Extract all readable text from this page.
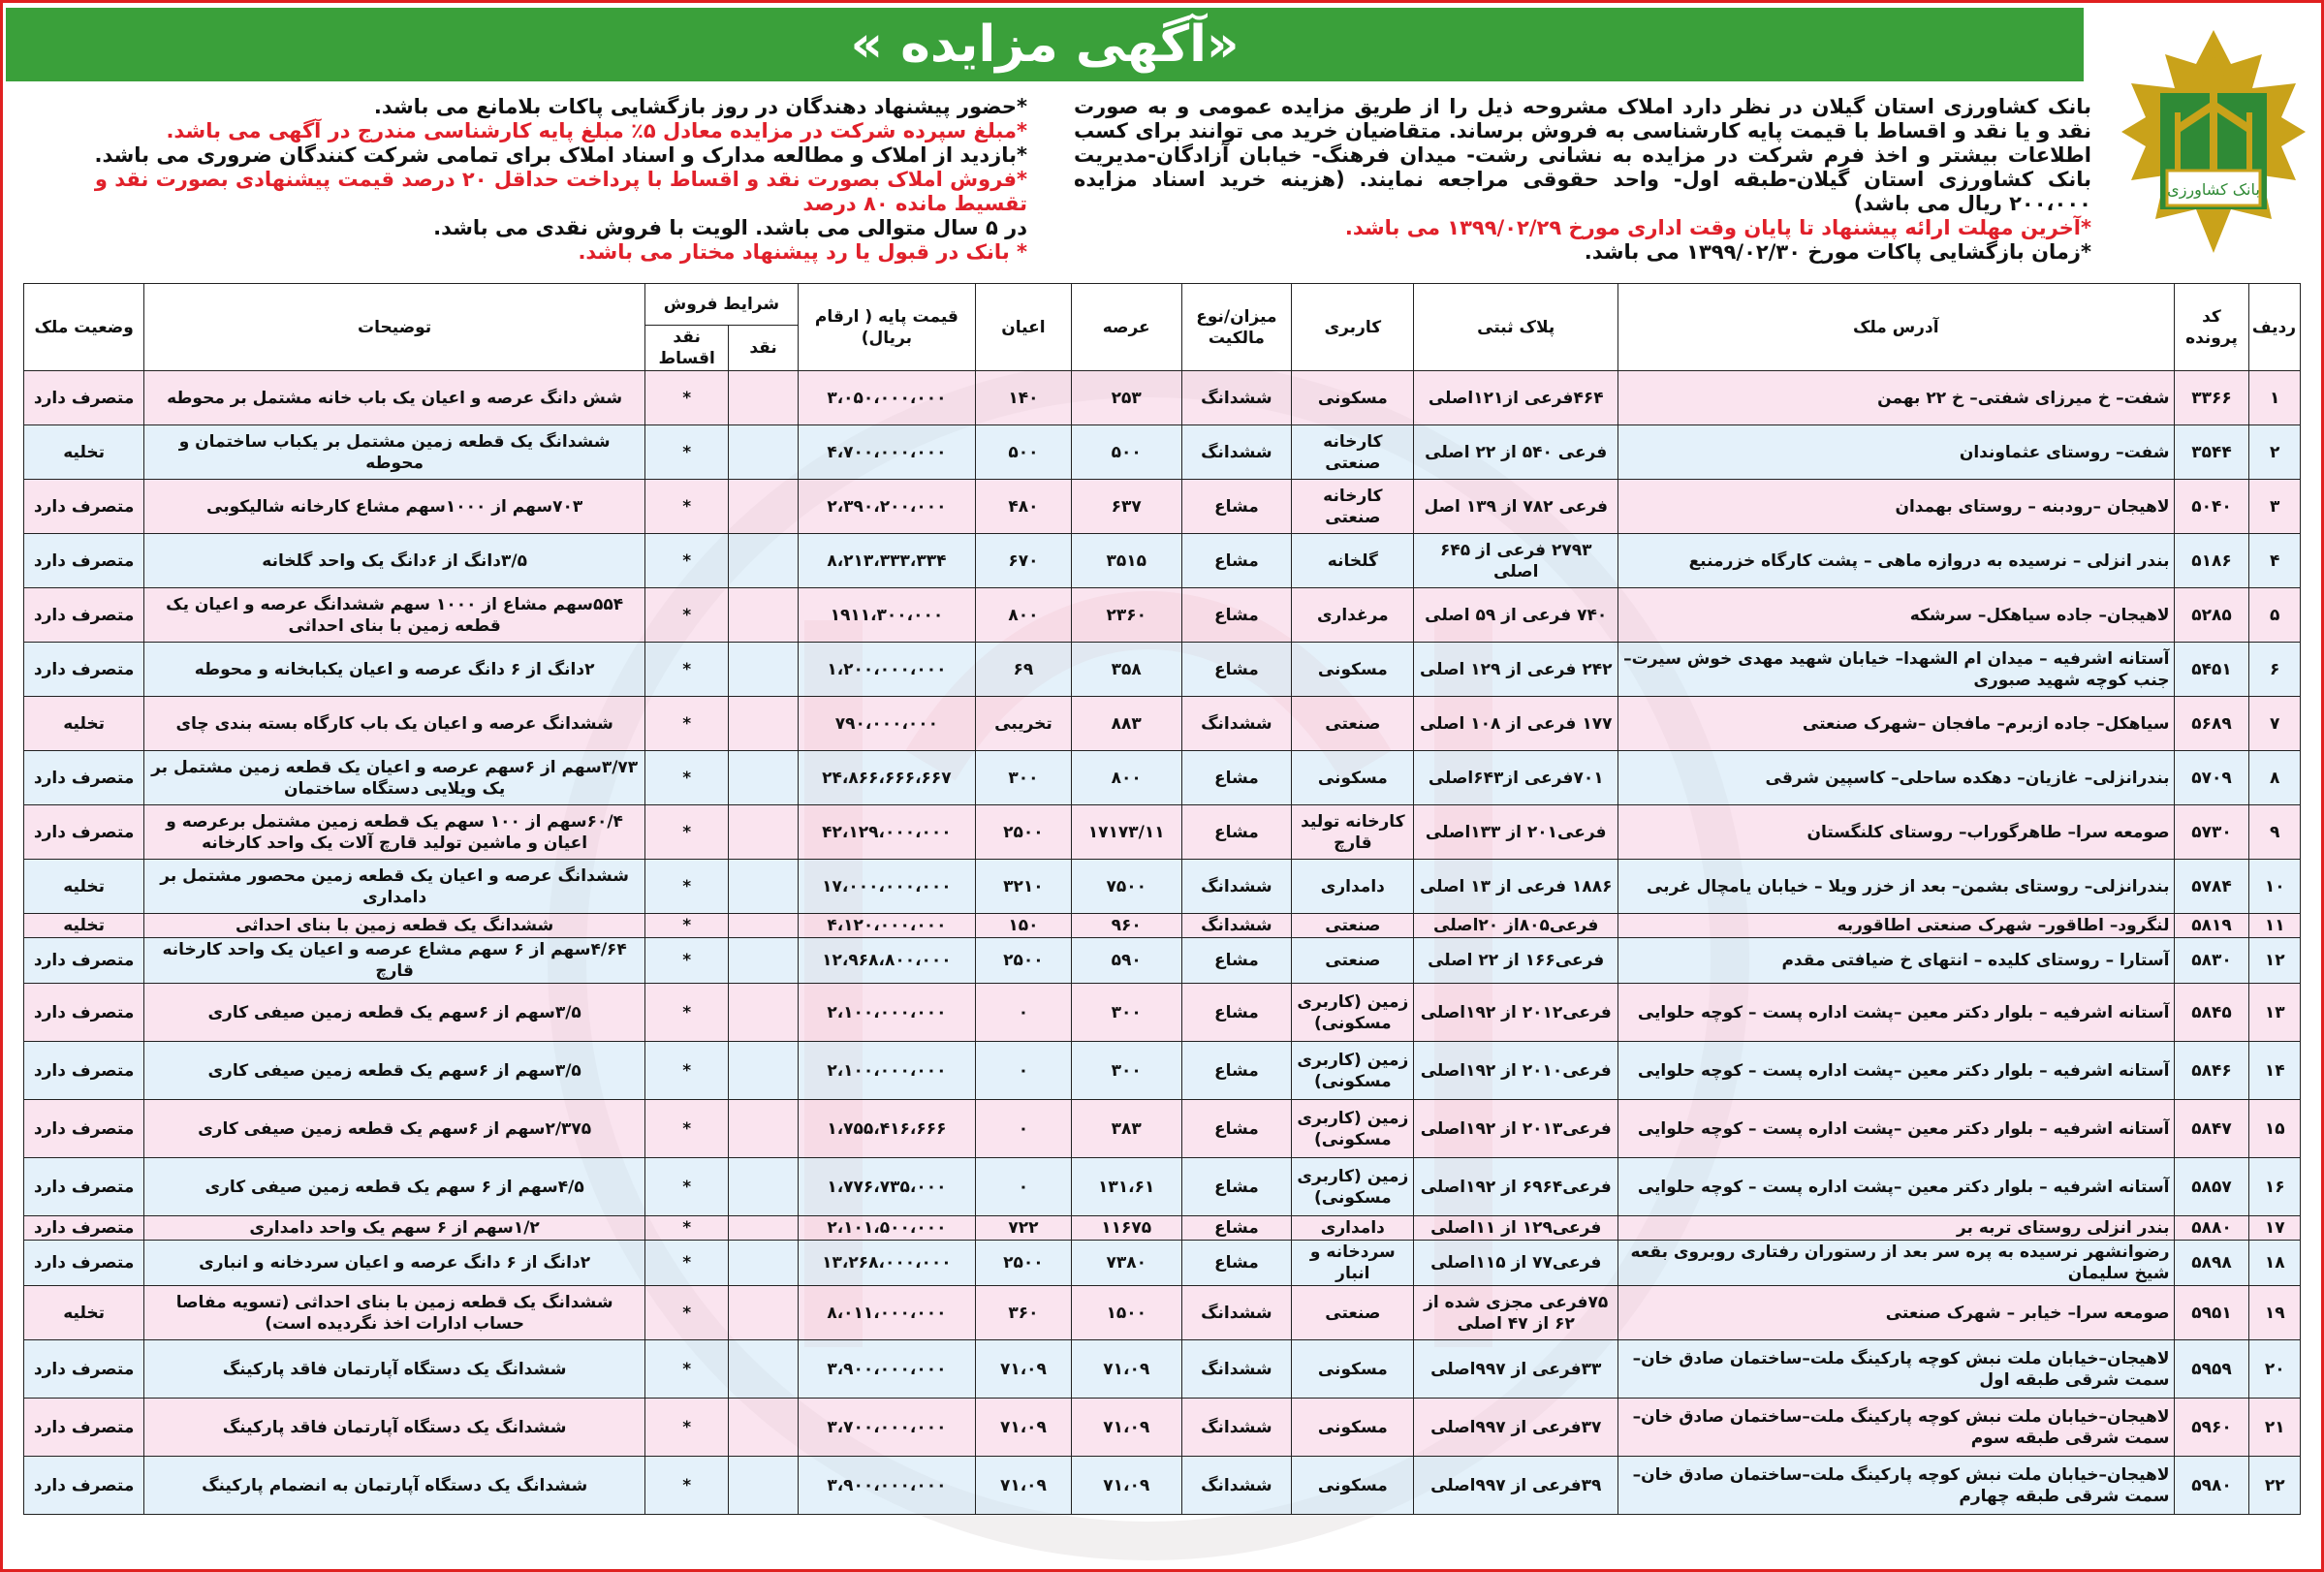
«آگهی مزایده »
بانک کشاورزی

بانک کشاورزی استان گیلان در نظر دارد املاک مشروحه ذیل را از طریق مزایده عمومی و به صورت نقد و یا نقد و اقساط با قیمت پایه کارشناسی به فروش برساند. متقاضیان خرید می توانند برای کسب اطلاعات بیشتر و اخذ فرم شرکت در مزایده به نشانی رشت- میدان فرهنگ- خیابان آزادگان-مدیریت بانک کشاورزی استان گیلان-طبقه اول- واحد حقوقی مراجعه نمایند. (هزینه خرید اسناد مزایده ۲۰۰،۰۰۰ ریال می باشد)

*آخرین مهلت ارائه پیشنهاد تا پایان وقت اداری مورخ ۱۳۹۹/۰۲/۲۹ می باشد.

*زمان بازگشایی پاکات مورخ ۱۳۹۹/۰۲/۳۰ می باشد.

*حضور پیشنهاد دهندگان در روز بازگشایی پاکات بلامانع می باشد.

*مبلغ سپرده شرکت در مزایده معادل ۵٪ مبلغ پایه کارشناسی مندرج در آگهی می باشد.

*بازدید از املاک و مطالعه مدارک و اسناد املاک برای تمامی شرکت کنندگان ضروری می باشد.

*فروش املاک بصورت نقد و اقساط با پرداخت حداقل ۲۰ درصد قیمت پیشنهادی بصورت نقد و تقسیط مانده ۸۰ درصد

در ۵ سال متوالی می باشد. الویت با فروش نقدی می باشد.

* بانک در قبول یا رد پیشنهاد مختار می باشد.

ردیف	کد پرونده	آدرس ملک	پلاک ثبتی	کاربری	میزان/نوع مالکیت	عرصه	اعیان	قیمت پایه ( ارقام بریال)	شرایط فروش		توضیحات	وضعیت ملک
									نقد	نقد اقساط		
۱	۳۳۶۶	شفت– خ میرزای شفتی– خ ۲۲ بهمن	۴۶۴فرعی از۱۲۱اصلی	مسکونی	ششدانگ	۲۵۳	۱۴۰	۳،۰۵۰،۰۰۰،۰۰۰		*	شش دانگ عرصه و اعیان یک باب خانه مشتمل بر محوطه	متصرف دارد
۲	۳۵۴۴	شفت– روستای عثماوندان	فرعی ۵۴۰ از ۲۲ اصلی	کارخانه صنعتی	ششدانگ	۵۰۰	۵۰۰	۴،۷۰۰،۰۰۰،۰۰۰		*	ششدانگ یک قطعه زمین مشتمل بر یکباب ساختمان و محوطه	تخلیه
۳	۵۰۴۰	لاهیجان –رودبنه – روستای بهمدان	فرعی ۷۸۲ از ۱۳۹ اصل	کارخانه صنعتی	مشاع	۶۳۷	۴۸۰	۲،۳۹۰،۲۰۰،۰۰۰		*	۷۰۳سهم از ۱۰۰۰سهم مشاع کارخانه شالیکوبی	متصرف دارد
۴	۵۱۸۶	بندر انزلی – نرسیده به دروازه ماهی – پشت کارگاه خزرمنبع	۲۷۹۳ فرعی از ۶۴۵ اصلی	گلخانه	مشاع	۳۵۱۵	۶۷۰	۸،۲۱۳،۳۳۳،۳۳۴		*	۳/۵دانگ از ۶دانگ یک واحد گلخانه	متصرف دارد
۵	۵۲۸۵	لاهیجان– جاده سیاهکل– سرشکه	۷۴۰ فرعی از ۵۹ اصلی	مرغداری	مشاع	۲۳۶۰	۸۰۰	۱۹۱۱،۳۰۰،۰۰۰		*	۵۵۴سهم مشاع از ۱۰۰۰ سهم ششدانگ عرصه و اعیان یک قطعه زمین با بنای احداثی	متصرف دارد
۶	۵۴۵۱	آستانه اشرفیه – میدان ام الشهدا– خیابان شهید مهدی خوش سیرت– جنب کوچه شهید صبوری	۲۴۲ فرعی از ۱۲۹ اصلی	مسکونی	مشاع	۳۵۸	۶۹	۱،۲۰۰،۰۰۰،۰۰۰		*	۲دانگ از ۶ دانگ عرصه و اعیان یکبابخانه و محوطه	متصرف دارد
۷	۵۶۸۹	سیاهکل– جاده ازبرم– مافجان –شهرک صنعتی	۱۷۷ فرعی از ۱۰۸ اصلی	صنعتی	ششدانگ	۸۸۳	تخریبی	۷۹۰،۰۰۰،۰۰۰		*	ششدانگ عرصه و اعیان یک باب کارگاه بسته بندی چای	تخلیه
۸	۵۷۰۹	بندرانزلی– غازیان– دهکده ساحلی– کاسپین شرقی	۷۰۱فرعی از۶۴۳اصلی	مسکونی	مشاع	۸۰۰	۳۰۰	۲۴،۸۶۶،۶۶۶،۶۶۷		*	۳/۷۳سهم از ۶سهم عرصه و اعیان یک قطعه زمین مشتمل بر یک ویلایی دستگاه ساختمان	متصرف دارد
۹	۵۷۳۰	صومعه سرا– طاهرگوراب– روستای کلنگستان	فرعی۲۰۱ از ۱۳۳اصلی	کارخانه تولید قارچ	مشاع	۱۷۱۷۳/۱۱	۲۵۰۰	۴۲،۱۲۹،۰۰۰،۰۰۰		*	۶۰/۴سهم از ۱۰۰ سهم یک قطعه زمین مشتمل برعرصه و اعیان و ماشین تولید قارچ آلات یک واحد کارخانه	متصرف دارد
۱۰	۵۷۸۴	بندرانزلی– روستای بشمن– بعد از خزر ویلا – خیابان یامچال غربی	۱۸۸۶ فرعی از ۱۳ اصلی	دامداری	ششدانگ	۷۵۰۰	۳۲۱۰	۱۷،۰۰۰،۰۰۰،۰۰۰		*	ششدانگ عرصه و اعیان یک قطعه زمین محصور مشتمل بر دامداری	تخلیه
۱۱	۵۸۱۹	لنگرود– اطاقور– شهرک صنعتی اطاقوربه	فرعی۸۰۵از ۲۰اصلی	صنعتی	ششدانگ	۹۶۰	۱۵۰	۴،۱۲۰،۰۰۰،۰۰۰		*	ششدانگ یک قطعه زمین با بنای احداثی	تخلیه
۱۲	۵۸۳۰	آستارا – روستای کلیده – انتهای خ ضیافتی مقدم	فرعی۱۶۶ از ۲۲ اصلی	صنعتی	مشاع	۵۹۰	۲۵۰۰	۱۲،۹۶۸،۸۰۰،۰۰۰		*	۴/۶۴سهم از ۶ سهم مشاع عرصه و اعیان یک واحد کارخانه قارچ	متصرف دارد
۱۳	۵۸۴۵	آستانه اشرفیه – بلوار دکتر معین –پشت اداره پست – کوچه حلوایی	فرعی۲۰۱۲ از ۱۹۲اصلی	زمین (کاربری مسکونی)	مشاع	۳۰۰	۰	۲،۱۰۰،۰۰۰،۰۰۰		*	۳/۵سهم از ۶سهم یک قطعه زمین صیفی کاری	متصرف دارد
۱۴	۵۸۴۶	آستانه اشرفیه – بلوار دکتر معین –پشت اداره پست – کوچه حلوایی	فرعی۲۰۱۰ از ۱۹۲اصلی	زمین (کاربری مسکونی)	مشاع	۳۰۰	۰	۲،۱۰۰،۰۰۰،۰۰۰		*	۳/۵سهم از ۶سهم یک قطعه زمین صیفی کاری	متصرف دارد
۱۵	۵۸۴۷	آستانه اشرفیه – بلوار دکتر معین –پشت اداره پست – کوچه حلوایی	فرعی۲۰۱۳ از ۱۹۲اصلی	زمین (کاربری مسکونی)	مشاع	۳۸۳	۰	۱،۷۵۵،۴۱۶،۶۶۶		*	۲/۳۷۵سهم از ۶سهم یک قطعه زمین صیفی کاری	متصرف دارد
۱۶	۵۸۵۷	آستانه اشرفیه – بلوار دکتر معین –پشت اداره پست – کوچه حلوایی	فرعی۶۹۶۴ از ۱۹۲اصلی	زمین (کاربری مسکونی)	مشاع	۱۳۱،۶۱	۰	۱،۷۷۶،۷۳۵،۰۰۰		*	۴/۵سهم از ۶ سهم یک قطعه زمین صیفی کاری	متصرف دارد
۱۷	۵۸۸۰	بندر انزلی روستای تربه بر	فرعی۱۲۹ از ۱۱اصلی	دامداری	مشاع	۱۱۶۷۵	۷۲۲	۲،۱۰۱،۵۰۰،۰۰۰		*	۱/۲سهم از ۶ سهم یک واحد دامداری	متصرف دارد
۱۸	۵۸۹۸	رضوانشهر نرسیده به پره سر بعد از رستوران رفتاری روبروی بقعه شیخ سلیمان	فرعی۷۷ از ۱۱۵اصلی	سردخانه و انبار	مشاع	۷۳۸۰	۲۵۰۰	۱۳،۲۶۸،۰۰۰،۰۰۰		*	۲دانگ از ۶ دانگ عرصه و اعیان سردخانه و انباری	متصرف دارد
۱۹	۵۹۵۱	صومعه سرا– خیابر – شهرک صنعتی	۷۵فرعی مجزی شده از ۶۲ از ۴۷ اصلی	صنعتی	ششدانگ	۱۵۰۰	۳۶۰	۸،۰۱۱،۰۰۰،۰۰۰		*	ششدانگ یک قطعه زمین با بنای احداثی (تسویه مفاصا حساب ادارات اخذ نگردیده است)	تخلیه
۲۰	۵۹۵۹	لاهیجان–خیابان ملت نبش کوچه پارکینگ ملت–ساختمان صادق خان– سمت شرقی طبقه اول	۳۳فرعی از ۹۹۷اصلی	مسکونی	ششدانگ	۷۱،۰۹	۷۱،۰۹	۳،۹۰۰،۰۰۰،۰۰۰		*	ششدانگ یک دستگاه آپارتمان فاقد پارکینگ	متصرف دارد
۲۱	۵۹۶۰	لاهیجان–خیابان ملت نبش کوچه پارکینگ ملت–ساختمان صادق خان– سمت شرقی طبقه سوم	۳۷فرعی از ۹۹۷اصلی	مسکونی	ششدانگ	۷۱،۰۹	۷۱،۰۹	۳،۷۰۰،۰۰۰،۰۰۰		*	ششدانگ یک دستگاه آپارتمان فاقد پارکینگ	متصرف دارد
۲۲	۵۹۸۰	لاهیجان–خیابان ملت نبش کوچه پارکینگ ملت–ساختمان صادق خان– سمت شرقی طبقه چهارم	۳۹فرعی از ۹۹۷اصلی	مسکونی	ششدانگ	۷۱،۰۹	۷۱،۰۹	۳،۹۰۰،۰۰۰،۰۰۰		*	ششدانگ یک دستگاه آپارتمان به انضمام پارکینگ	متصرف دارد
